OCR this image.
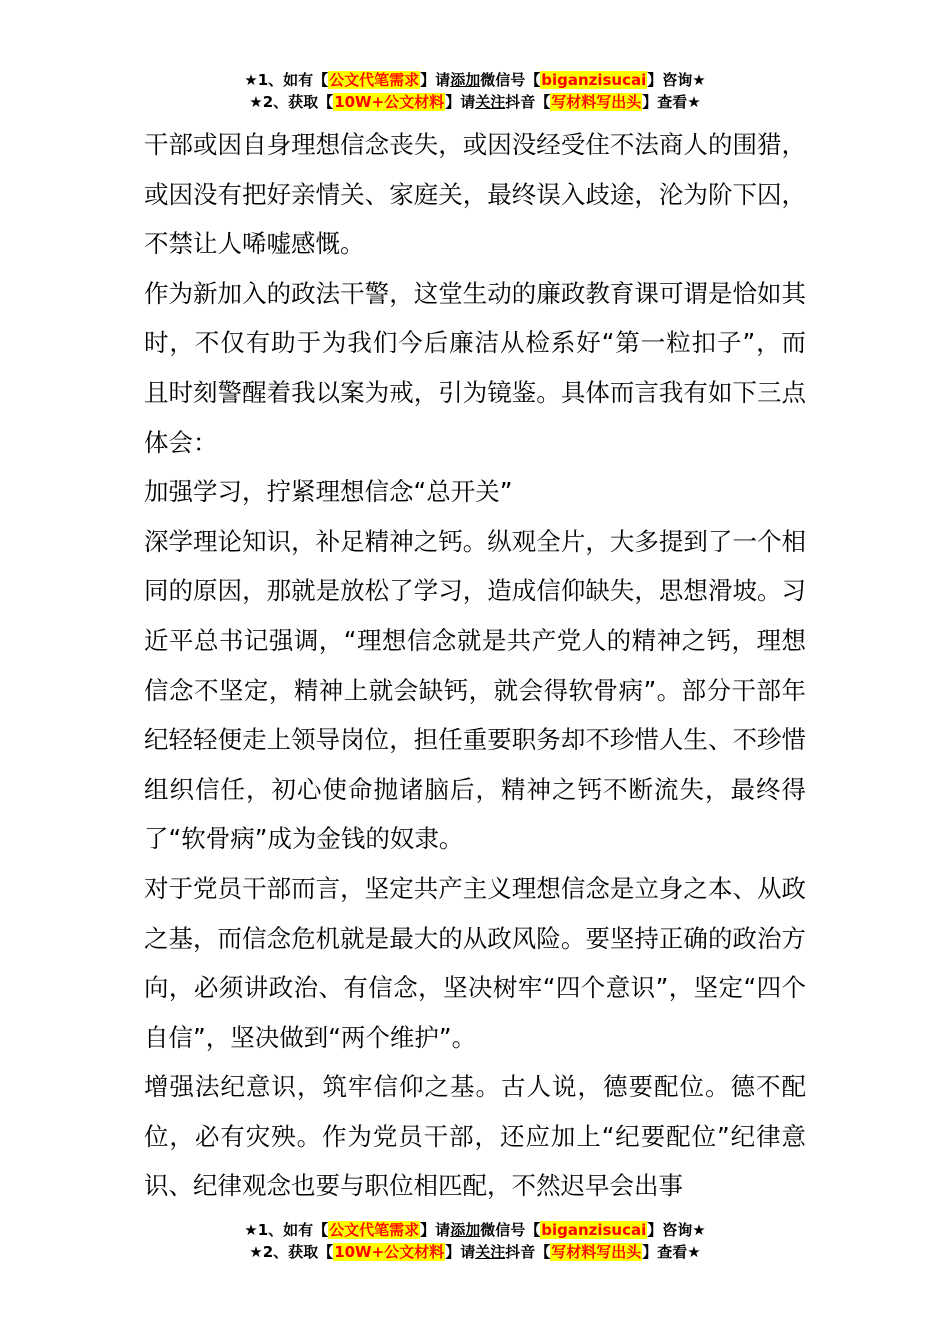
★1、如有【公文代笔需求】请添加微信号【biganzisucai】咨询★
★2、获取【10W+公文材料】请关注抖音【写材料写出头】查看★

干部或因自身理想信念丧失，或因没经受住不法商人的围猎，或因没有把好亲情关、家庭关，最终误入歧途，沦为阶下囚，不禁让人唏嘘感慨。

作为新加入的政法干警，这堂生动的廉政教育课可谓是恰如其时，不仅有助于为我们今后廉洁从检系好“第一粒扣子”，而且时刻警醒着我以案为戒，引为镜鉴。具体而言我有如下三点体会：

加强学习，拧紧理想信念“总开关”

深学理论知识，补足精神之钙。纵观全片，大多提到了一个相同的原因，那就是放松了学习，造成信仰缺失，思想滑坡。习近平总书记强调，“理想信念就是共产党人的精神之钙，理想信念不坚定，精神上就会缺钙，就会得软骨病”。部分干部年纪轻轻便走上领导岗位，担任重要职务却不珍惜人生、不珍惜组织信任，初心使命抛诸脑后，精神之钙不断流失，最终得了“软骨病”成为金钱的奴隶。

对于党员干部而言，坚定共产主义理想信念是立身之本、从政之基，而信念危机就是最大的从政风险。要坚持正确的政治方向，必须讲政治、有信念，坚决树牢“四个意识”，坚定“四个自信”，坚决做到“两个维护”。

增强法纪意识，筑牢信仰之基。古人说，德要配位。德不配位，必有灾殃。作为党员干部，还应加上“纪要配位”纪律意识、纪律观念也要与职位相匹配，不然迟早会出事

★1、如有【公文代笔需求】请添加微信号【biganzisucai】咨询★
★2、获取【10W+公文材料】请关注抖音【写材料写出头】查看★
